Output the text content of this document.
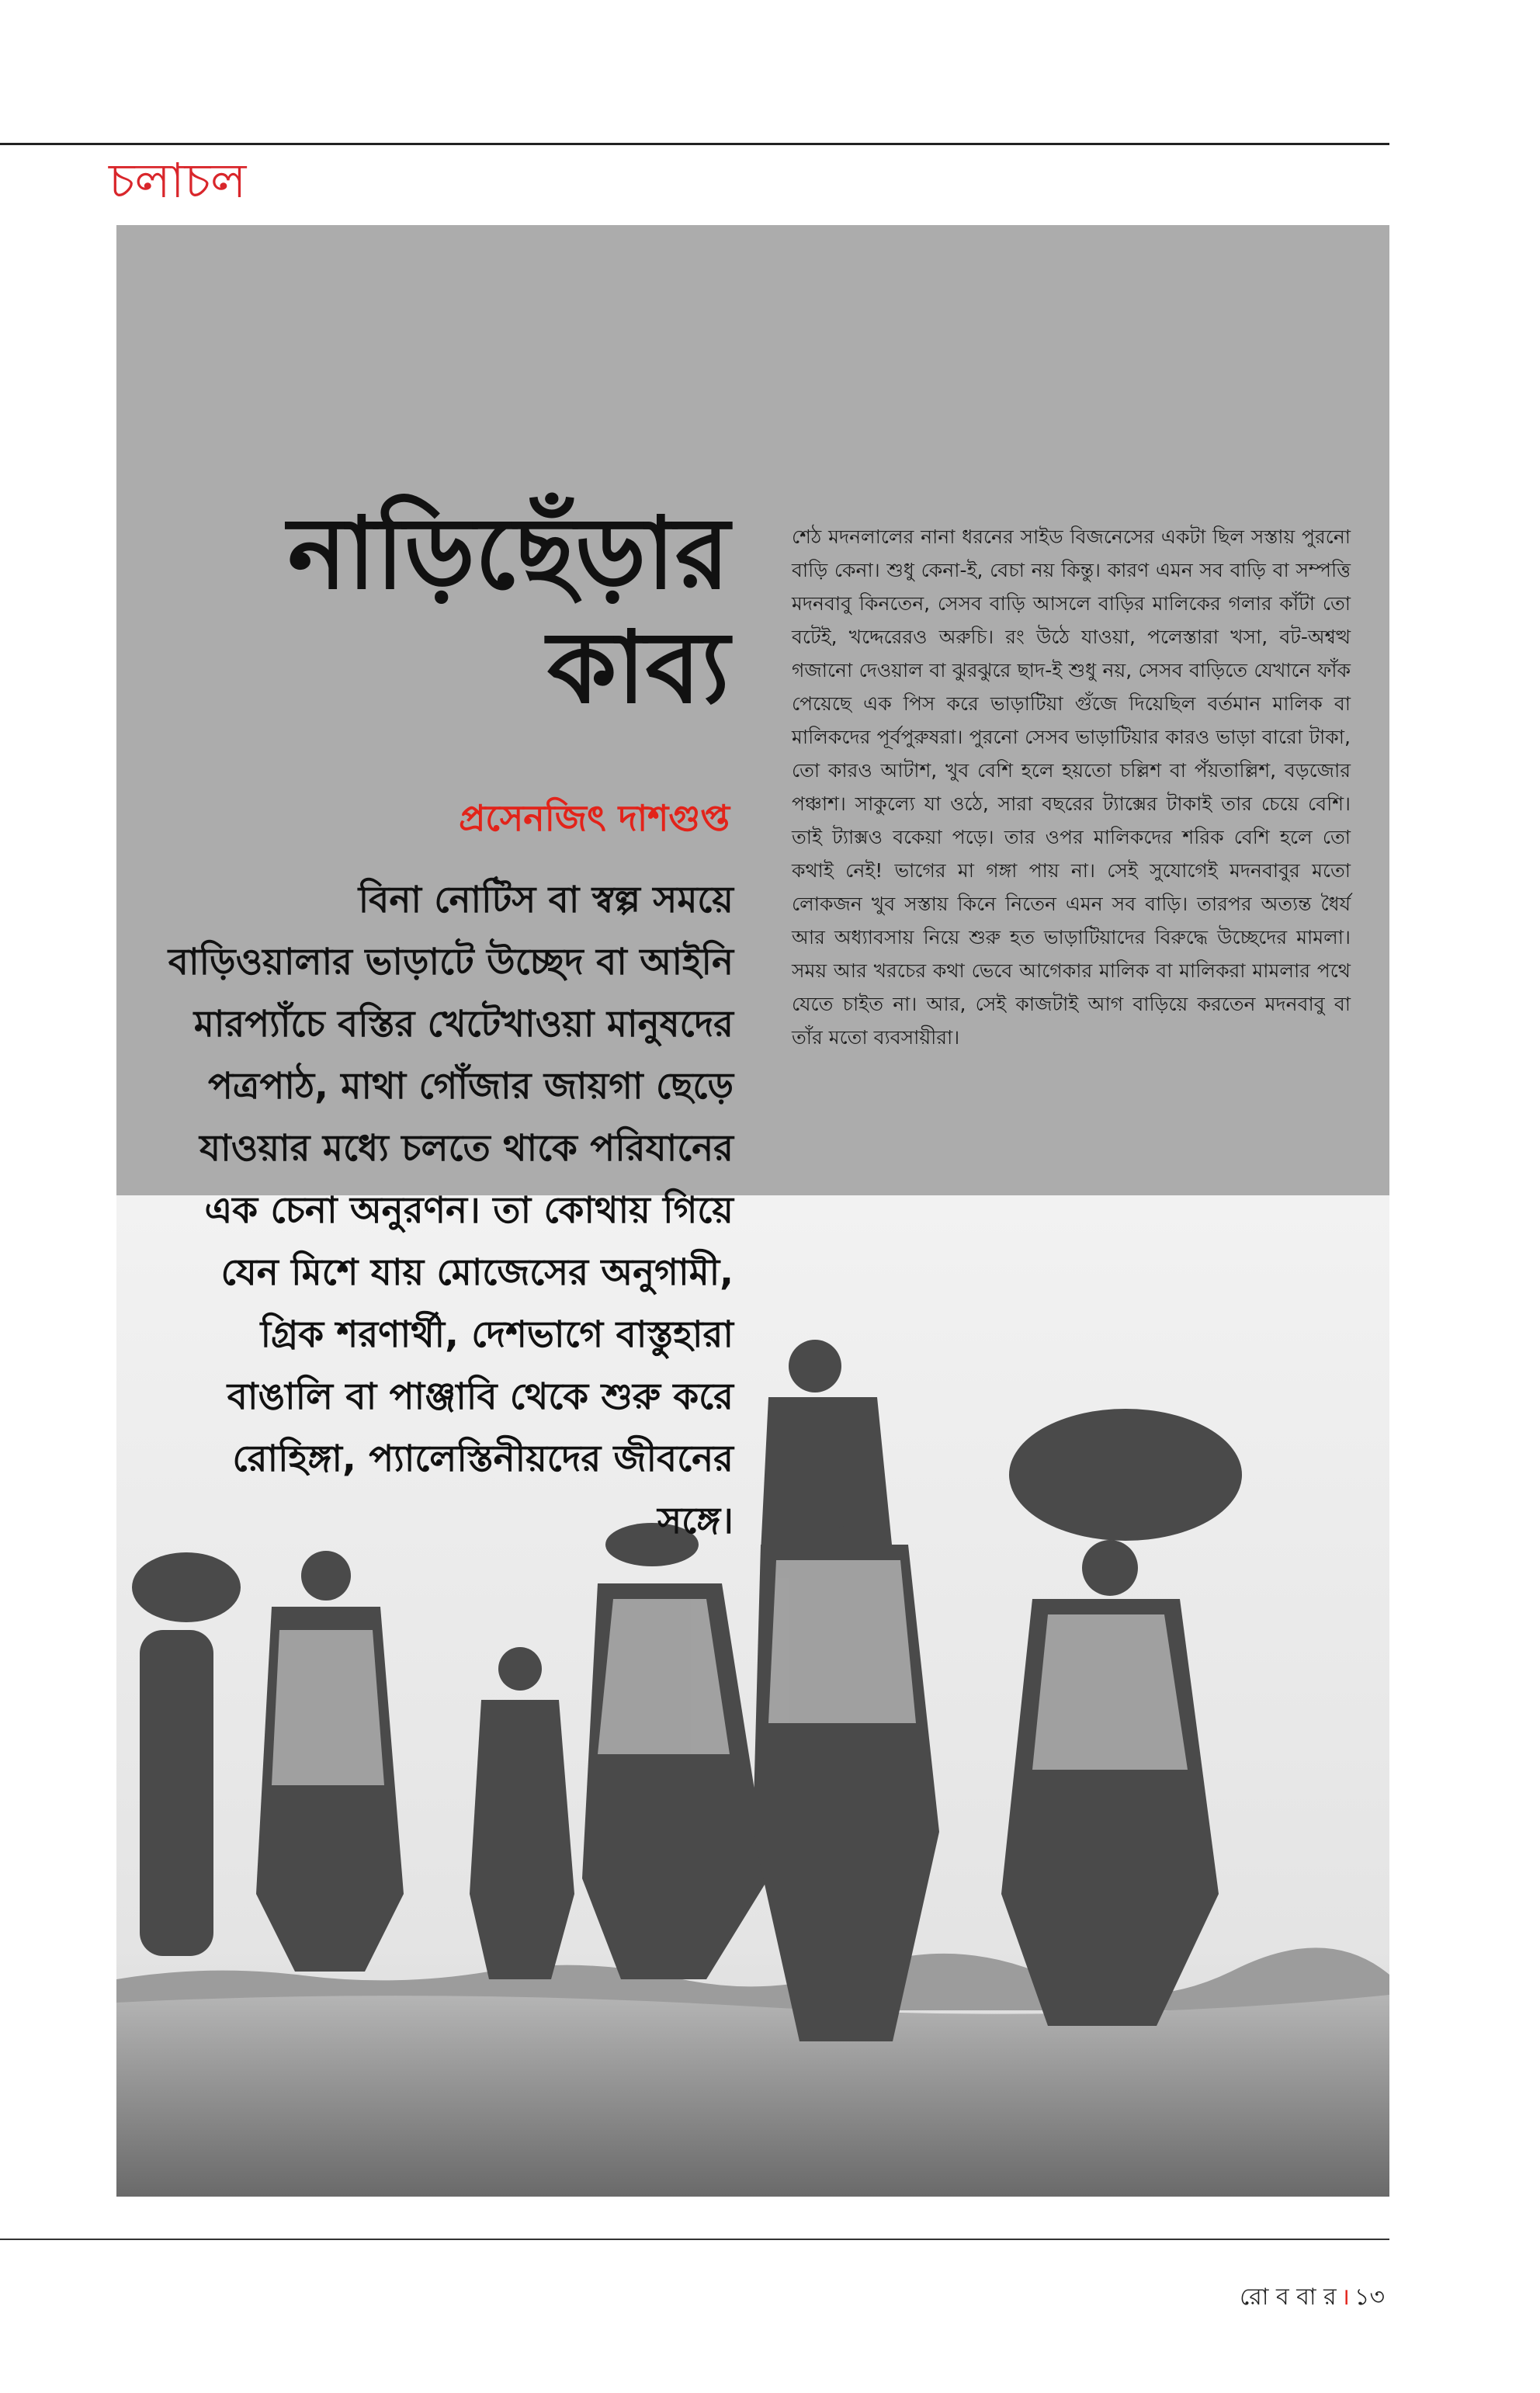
চলাচল
নাড়িছেঁড়ার
কাব্য

প্রসেনজিৎ দাশগুপ্ত

বিনা নোটিস বা স্বল্প সময়ে বাড়িওয়ালার ভাড়াটে উচ্ছেদ বা আইনি মারপ্যাঁচে বস্তির খেটেখাওয়া মানুষদের পত্রপাঠ, মাথা গোঁজার জায়গা ছেড়ে যাওয়ার মধ্যে চলতে থাকে পরিযানের এক চেনা অনুরণন। তা কোথায় গিয়ে যেন মিশে যায় মোজেসের অনুগামী, গ্রিক শরণার্থী, দেশভাগে বাস্তুহারা বাঙালি বা পাঞ্জাবি থেকে শুরু করে রোহিঙ্গা, প্যালেস্তিনীয়দের জীবনের সঙ্গে।

শেঠ মদনলালের নানা ধরনের সাইড বিজনেসের একটা ছিল সস্তায় পুরনো বাড়ি কেনা। শুধু কেনা-ই, বেচা নয় কিন্তু। কারণ এমন সব বাড়ি বা সম্পত্তি মদনবাবু কিনতেন, সেসব বাড়ি আসলে বাড়ির মালিকের গলার কাঁটা তো বটেই, খদ্দেরেরও অরুচি। রং উঠে যাওয়া, পলেস্তারা খসা, বট-অশ্বত্থ গজানো দেওয়াল বা ঝুরঝুরে ছাদ-ই শুধু নয়, সেসব বাড়িতে যেখানে ফাঁক পেয়েছে এক পিস করে ভাড়াটিয়া গুঁজে দিয়েছিল বর্তমান মালিক বা মালিকদের পূর্বপুরুষরা। পুরনো সেসব ভাড়াটিয়ার কারও ভাড়া বারো টাকা, তো কারও আটাশ, খুব বেশি হলে হয়তো চল্লিশ বা পঁয়তাল্লিশ, বড়জোর পঞ্চাশ। সাকুল্যে যা ওঠে, সারা বছরের ট্যাক্সের টাকাই তার চেয়ে বেশি। তাই ট্যাক্সও বকেয়া পড়ে। তার ওপর মালিকদের শরিক বেশি হলে তো কথাই নেই! ভাগের মা গঙ্গা পায় না। সেই সুযোগেই মদনবাবুর মতো লোকজন খুব সস্তায় কিনে নিতেন এমন সব বাড়ি। তারপর অত্যন্ত ধৈর্য আর অধ্যাবসায় নিয়ে শুরু হত ভাড়াটিয়াদের বিরুদ্ধে উচ্ছেদের মামলা। সময় আর খরচের কথা ভেবে আগেকার মালিক বা মালিকরা মামলার পথে যেতে চাইত না। আর, সেই কাজটাই আগ বাড়িয়ে করতেন মদনবাবু বা তাঁর মতো ব্যবসায়ীরা।

রো ব বা র । ১৩
